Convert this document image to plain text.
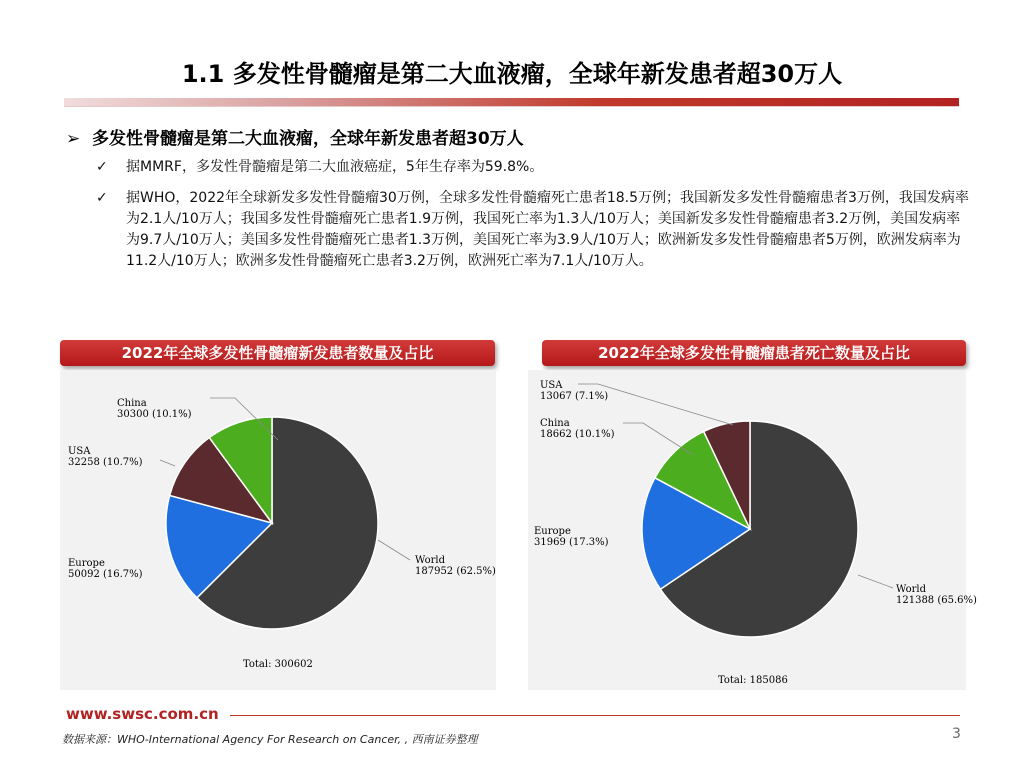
1.1 多发性骨髓瘤是第二大血液瘤，全球年新发患者超30万人
➢ 多发性骨髓瘤是第二大血液瘤，全球年新发患者超30万人
✓ 据MMRF，多发性骨髓瘤是第二大血液癌症，5年生存率为59.8%。
✓ 据WHO，2022年全球新发多发性骨髓瘤30万例，全球多发性骨髓瘤死亡患者18.5万例；我国新发多发性骨髓瘤患者3万例，我国发病率为2.1人/10万人；我国多发性骨髓瘤死亡患者1.9万例，我国死亡率为1.3人/10万人；美国新发多发性骨髓瘤患者3.2万例，美国发病率为9.7人/10万人；美国多发性骨髓瘤死亡患者1.3万例，美国死亡率为3.9人/10万人；欧洲新发多发性骨髓瘤患者5万例，欧洲发病率为11.2人/10万人；欧洲多发性骨髓瘤死亡患者3.2万例，欧洲死亡率为7.1人/10万人。
2022年全球多发性骨髓瘤新发患者数量及占比	2022年全球多发性骨髓瘤患者死亡数量及占比
China
30300 (10.1%)
USA
32258 (10.7%)
Europe
50092 (16.7%)
World
187952 (62.5%)
Total: 300602
USA
13067 (7.1%)
China
18662 (10.1%)
Europe
31969 (17.3%)
World
121388 (65.6%)
Total: 185086
www.swsc.com.cn
数据来源：WHO-International Agency For Research on Cancer, , 西南证券整理	3
